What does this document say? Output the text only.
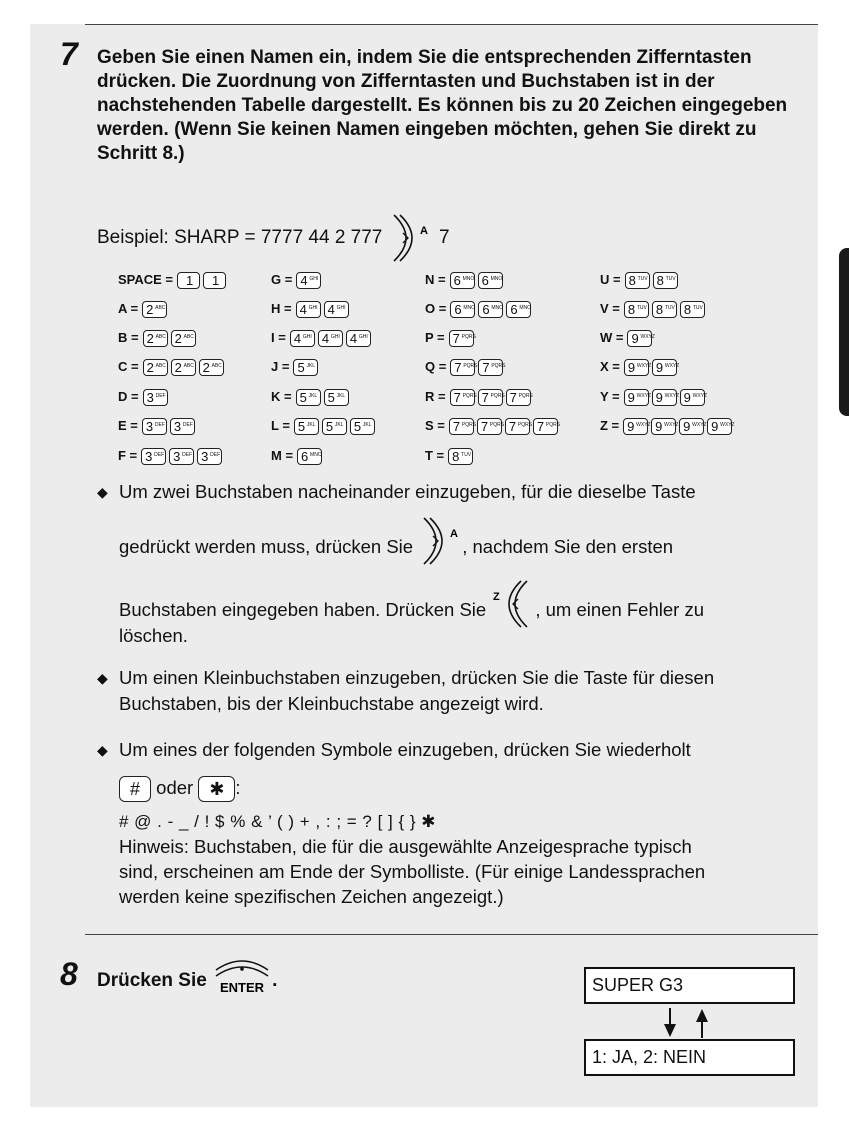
7 Geben Sie einen Namen ein, indem Sie die entsprechenden Zifferntasten drücken. Die Zuordnung von Zifferntasten und Buchstaben ist in der nachstehenden Tabelle dargestellt. Es können bis zu 20 Zeichen eingegeben werden. (Wenn Sie keinen Namen eingeben möchten, gehen Sie direkt zu Schritt 8.)
Beispiel: SHARP = 7777 44 2 777	A 7
SPACE = 1 1
A = 2 ABC
B = 2 ABC 2 ABC
C = 2 ABC 2 ABC 2 ABC
D = 3 DEF
E = 3 DEF 3 DEF
F = 3 DEF 3 DEF 3 DEF
G = 4 GHI
H = 4 GHI 4 GHI
I = 4 GHI 4 GHI 4 GHI
J = 5 JKL
K = 5 JKL 5 JKL
L = 5 JKL 5 JKL 5 JKL
M = 6 MNO
N = 6 MNO 6 MNO
O = 6 MNO 6 MNO 6 MNO
P = 7 PQRS
Q = 7 PQRS 7 PQRS
R = 7 PQRS 7 PQRS 7 PQRS
S = 7 PQRS 7 PQRS 7 PQRS 7 PQRS
T = 8 TUV
U = 8 TUV 8 TUV
V = 8 TUV 8 TUV 8 TUV
W = 9 WXYZ
X = 9 WXYZ 9 WXYZ
Y = 9 WXYZ 9 WXYZ 9 WXYZ
Z = 9 WXYZ 9 WXYZ 9 WXYZ 9 WXYZ
◆ Um zwei Buchstaben nacheinander einzugeben, für die dieselbe Taste
gedrückt werden muss, drücken Sie
A
, nachdem Sie den ersten
Buchstaben eingegeben haben. Drücken Sie
Z
, um einen Fehler zu
löschen.
◆ Um einen Kleinbuchstaben einzugeben, drücken Sie die Taste für diesen
Buchstaben, bis der Kleinbuchstabe angezeigt wird.
◆ Um eines der folgenden Symbole einzugeben, drücken Sie wiederholt
# oder ✱ :
# @ . - _ / ! $ % & ’ ( ) + , : ; = ? [ ] { } ✱
Hinweis: Buchstaben, die für die ausgewählte Anzeigesprache typisch
sind, erscheinen am Ende der Symbolliste. (Für einige Landessprachen
werden keine spezifischen Zeichen angezeigt.)
8 Drücken Sie ENTER .	SUPER G3
1: JA, 2: NEIN
